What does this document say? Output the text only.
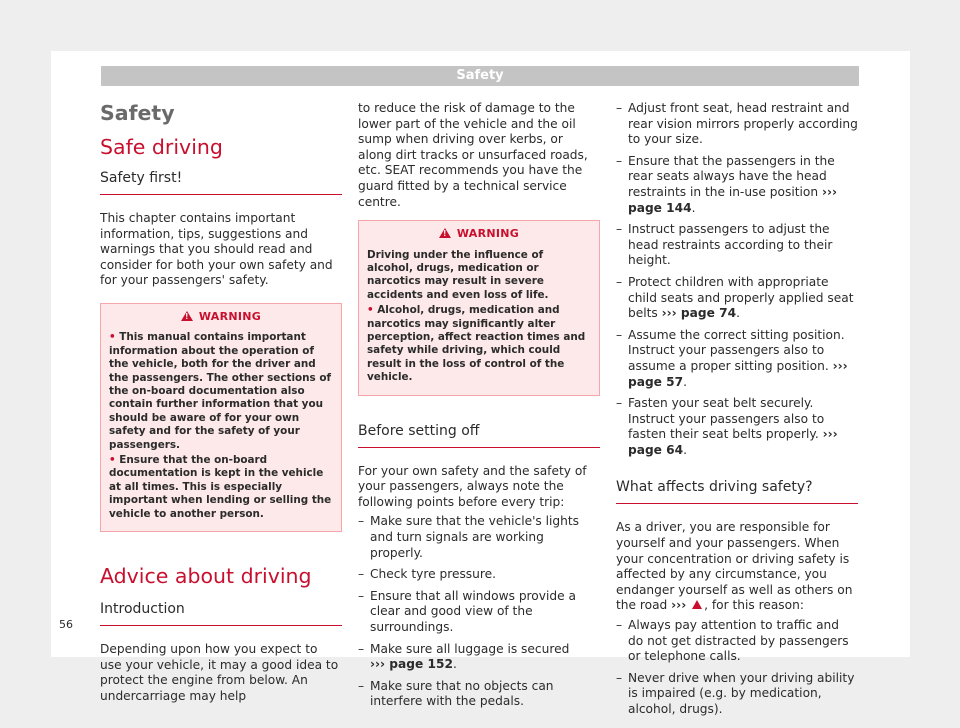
Safety
Safety
Safe driving
Safety first!

This chapter contains important information, tips, suggestions and warnings that you should read and consider for both your own safety and for your passengers' safety.

!WARNING

• This manual contains important information about the operation of the vehicle, both for the driver and the passengers. The other sections of the on-board documentation also contain further information that you should be aware of for your own safety and for the safety of your passengers.

• Ensure that the on-board documentation is kept in the vehicle at all times. This is especially important when lending or selling the vehicle to another person.

Advice about driving
Introduction

Depending upon how you expect to use your vehicle, it may a good idea to protect the engine from below. An undercarriage may help

to reduce the risk of damage to the lower part of the vehicle and the oil sump when driving over kerbs, or along dirt tracks or unsurfaced roads, etc. SEAT recommends you have the guard fitted by a technical service centre.

!WARNING

Driving under the influence of alcohol, drugs, medication or narcotics may result in severe accidents and even loss of life.

• Alcohol, drugs, medication and narcotics may significantly alter perception, affect reaction times and safety while driving, which could result in the loss of control of the vehicle.

Before setting off

For your own safety and the safety of your passengers, always note the following points before every trip:

– Make sure that the vehicle's lights and turn signals are working properly.
– Check tyre pressure.
– Ensure that all windows provide a clear and good view of the surroundings.
– Make sure all luggage is secured
››› page 152.
– Make sure that no objects can interfere with the pedals.
– Adjust front seat, head restraint and rear vision mirrors properly according to your size.
– Ensure that the passengers in the rear seats always have the head restraints in the in-use position ››› page 144.
– Instruct passengers to adjust the head restraints according to their height.
– Protect children with appropriate child seats and properly applied seat belts ››› page 74.
– Assume the correct sitting position. Instruct your passengers also to assume a proper sitting position. ››› page 57.
– Fasten your seat belt securely. Instruct your passengers also to fasten their seat belts properly. ››› page 64.
What affects driving safety?

As a driver, you are responsible for yourself and your passengers. When your concentration or driving safety is affected by any circumstance, you endanger yourself as well as others on the road ››› , for this reason:

– Always pay attention to traffic and do not get distracted by passengers or telephone calls.
– Never drive when your driving ability is impaired (e.g. by medication, alcohol, drugs).
56
